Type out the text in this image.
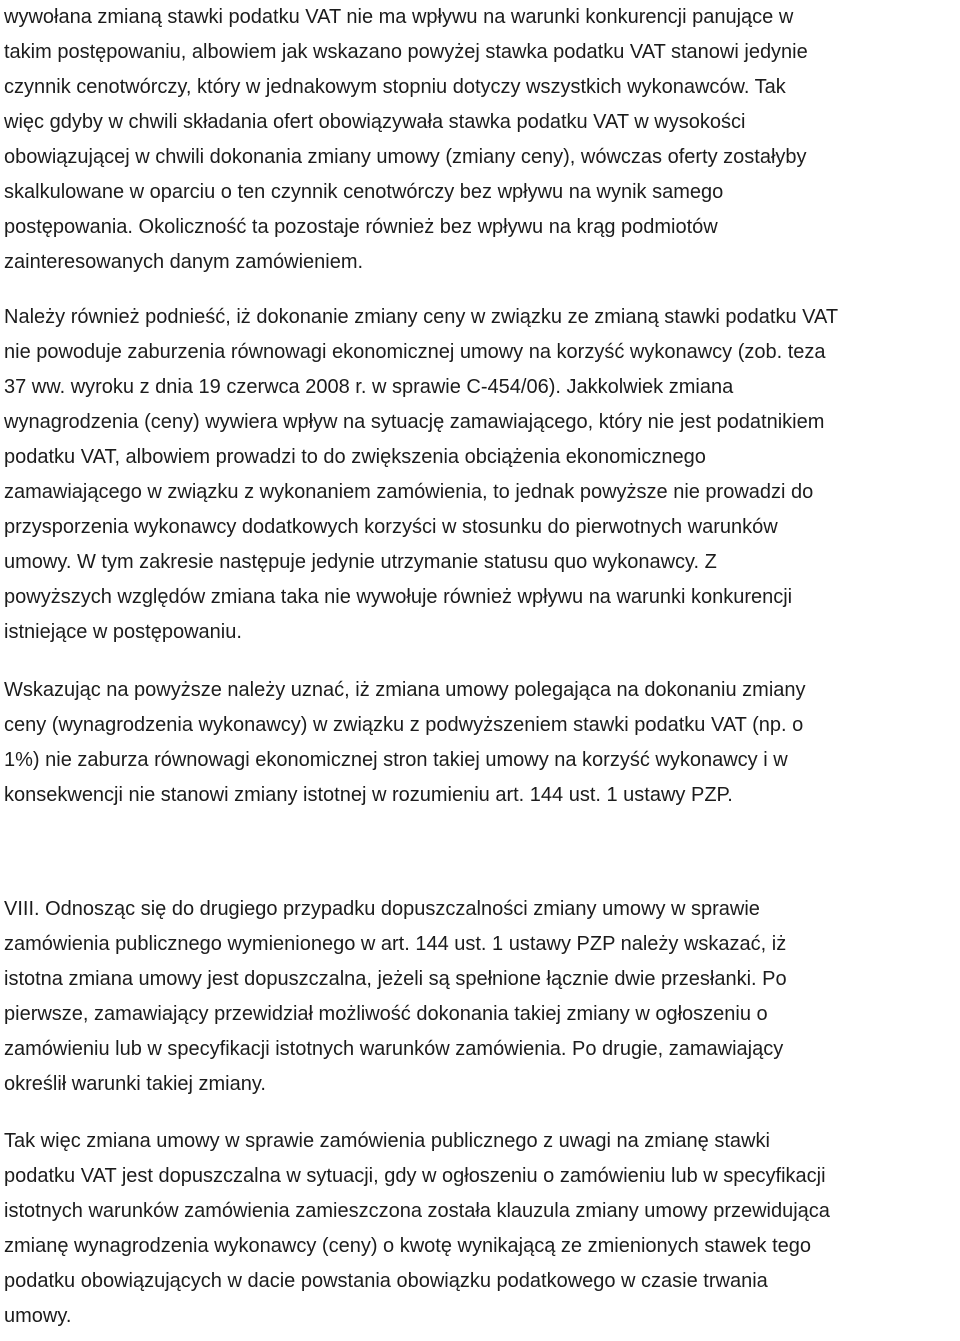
wywołana zmianą stawki podatku VAT nie ma wpływu na warunki konkurencji panujące w
takim postępowaniu, albowiem jak wskazano powyżej stawka podatku VAT stanowi jedynie
czynnik cenotwórczy, który w jednakowym stopniu dotyczy wszystkich wykonawców. Tak
więc gdyby w chwili składania ofert obowiązywała stawka podatku VAT w wysokości
obowiązującej w chwili dokonania zmiany umowy (zmiany ceny), wówczas oferty zostałyby
skalkulowane w oparciu o ten czynnik cenotwórczy bez wpływu na wynik samego
postępowania. Okoliczność ta pozostaje również bez wpływu na krąg podmiotów
zainteresowanych danym zamówieniem.
Należy również podnieść, iż dokonanie zmiany ceny w związku ze zmianą stawki podatku VAT
nie powoduje zaburzenia równowagi ekonomicznej umowy na korzyść wykonawcy (zob. teza
37 ww. wyroku z dnia 19 czerwca 2008 r. w sprawie C-454/06). Jakkolwiek zmiana
wynagrodzenia (ceny) wywiera wpływ na sytuację zamawiającego, który nie jest podatnikiem
podatku VAT, albowiem prowadzi to do zwiększenia obciążenia ekonomicznego
zamawiającego w związku z wykonaniem zamówienia, to jednak powyższe nie prowadzi do
przysporzenia wykonawcy dodatkowych korzyści w stosunku do pierwotnych warunków
umowy. W tym zakresie następuje jedynie utrzymanie statusu quo wykonawcy. Z
powyższych względów zmiana taka nie wywołuje również wpływu na warunki konkurencji
istniejące w postępowaniu.
Wskazując na powyższe należy uznać, iż zmiana umowy polegająca na dokonaniu zmiany
ceny (wynagrodzenia wykonawcy) w związku z podwyższeniem stawki podatku VAT (np. o
1%) nie zaburza równowagi ekonomicznej stron takiej umowy na korzyść wykonawcy i w
konsekwencji nie stanowi zmiany istotnej w rozumieniu art. 144 ust. 1 ustawy PZP.
VIII. Odnosząc się do drugiego przypadku dopuszczalności zmiany umowy w sprawie
zamówienia publicznego wymienionego w art. 144 ust. 1 ustawy PZP należy wskazać, iż
istotna zmiana umowy jest dopuszczalna, jeżeli są spełnione łącznie dwie przesłanki. Po
pierwsze, zamawiający przewidział możliwość dokonania takiej zmiany w ogłoszeniu o
zamówieniu lub w specyfikacji istotnych warunków zamówienia. Po drugie, zamawiający
określił warunki takiej zmiany.
Tak więc zmiana umowy w sprawie zamówienia publicznego z uwagi na zmianę stawki
podatku VAT jest dopuszczalna w sytuacji, gdy w ogłoszeniu o zamówieniu lub w specyfikacji
istotnych warunków zamówienia zamieszczona została klauzula zmiany umowy przewidująca
zmianę wynagrodzenia wykonawcy (ceny) o kwotę wynikającą ze zmienionych stawek tego
podatku obowiązujących w dacie powstania obowiązku podatkowego w czasie trwania
umowy.
